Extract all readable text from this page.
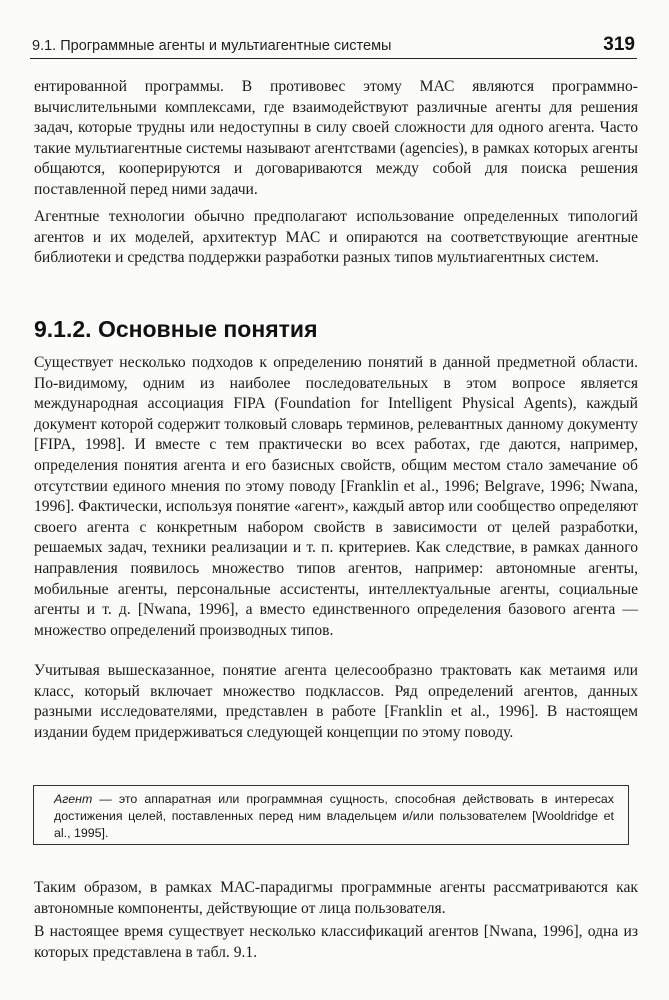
9.1. Программные агенты и мультиагентные системы	319

ентированной программы. В противовес этому МАС являются программно-вычислительными комплексами, где взаимодействуют различные агенты для решения задач, которые трудны или недоступны в силу своей сложности для одного агента. Часто такие мультиагентные системы называют агентствами (agencies), в рамках которых агенты общаются, кооперируются и договариваются между собой для поиска решения поставленной перед ними задачи.

Агентные технологии обычно предполагают использование определенных типологий агентов и их моделей, архитектур МАС и опираются на соответствующие агентные библиотеки и средства поддержки разработки разных типов мультиагентных систем.

9.1.2. Основные понятия

Существует несколько подходов к определению понятий в данной предметной области. По-видимому, одним из наиболее последовательных в этом вопросе является международная ассоциация FIPA (Foundation for Intelligent Physical Agents), каждый документ которой содержит толковый словарь терминов, релевантных данному документу [FIPA, 1998]. И вместе с тем практически во всех работах, где даются, например, определения понятия агента и его базисных свойств, общим местом стало замечание об отсутствии единого мнения по этому поводу [Franklin et al., 1996; Belgrave, 1996; Nwana, 1996]. Фактически, используя понятие «агент», каждый автор или сообщество определяют своего агента с конкретным набором свойств в зависимости от целей разработки, решаемых задач, техники реализации и т. п. критериев. Как следствие, в рамках данного направления появилось множество типов агентов, например: автономные агенты, мобильные агенты, персональные ассистенты, интеллектуальные агенты, социальные агенты и т. д. [Nwana, 1996], а вместо единственного определения базового агента — множество определений производных типов.

Учитывая вышесказанное, понятие агента целесообразно трактовать как метаимя или класс, который включает множество подклассов. Ряд определений агентов, данных разными исследователями, представлен в работе [Franklin et al., 1996]. В настоящем издании будем придерживаться следующей концепции по этому поводу.

Агент — это аппаратная или программная сущность, способная действовать в интересах достижения целей, поставленных перед ним владельцем и/или пользователем [Wooldridge et al., 1995].

Таким образом, в рамках МАС-парадигмы программные агенты рассматриваются как автономные компоненты, действующие от лица пользователя.

В настоящее время существует несколько классификаций агентов [Nwana, 1996], одна из которых представлена в табл. 9.1.
